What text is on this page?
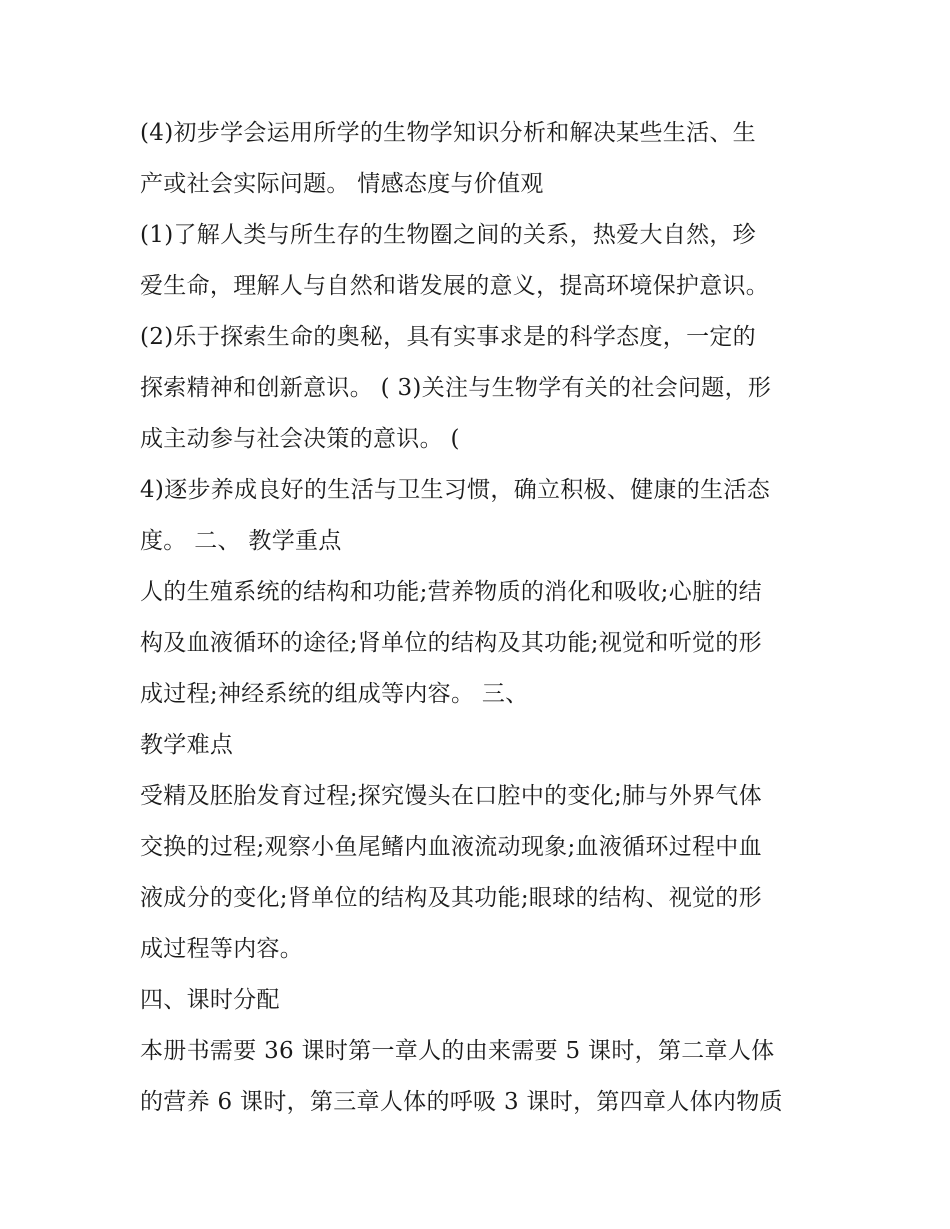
(4)初步学会运用所学的生物学知识分析和解决某些生活、生
产或社会实际问题。 情感态度与价值观
(1)了解人类与所生存的生物圈之间的关系，热爱大自然，珍
爱生命，理解人与自然和谐发展的意义，提高环境保护意识。
(2)乐于探索生命的奥秘，具有实事求是的科学态度，一定的
探索精神和创新意识。 ( 3)关注与生物学有关的社会问题，形
成主动参与社会决策的意识。 (
4)逐步养成良好的生活与卫生习惯，确立积极、健康的生活态
度。 二、 教学重点
人的生殖系统的结构和功能;营养物质的消化和吸收;心脏的结
构及血液循环的途径;肾单位的结构及其功能;视觉和听觉的形
成过程;神经系统的组成等内容。 三、
教学难点
受精及胚胎发育过程;探究馒头在口腔中的变化;肺与外界气体
交换的过程;观察小鱼尾鳍内血液流动现象;血液循环过程中血
液成分的变化;肾单位的结构及其功能;眼球的结构、视觉的形
成过程等内容。
四、课时分配
本册书需要 36 课时第一章人的由来需要 5 课时，第二章人体
的营养 6 课时，第三章人体的呼吸 3 课时，第四章人体内物质
